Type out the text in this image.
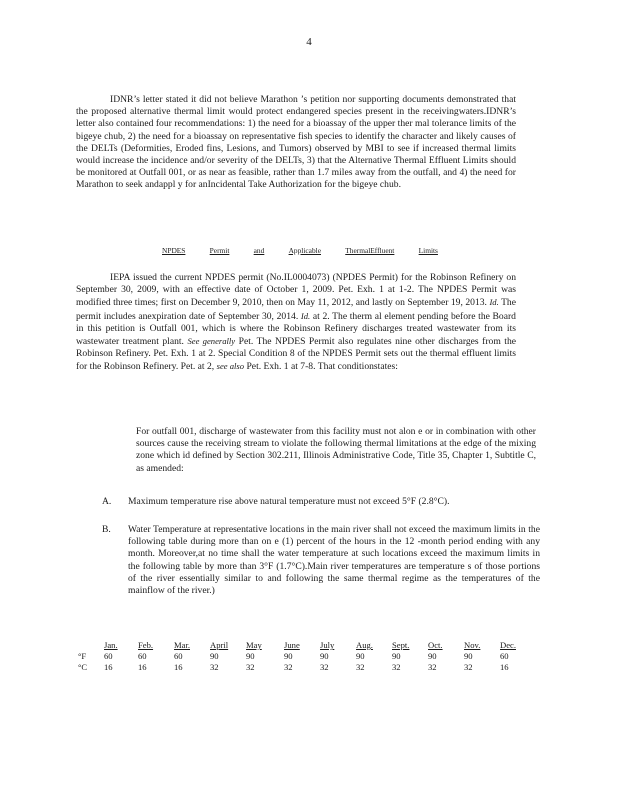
4

IDNR’s letter stated it did not believe Marathon ’s petition nor supporting documents demonstrated that the proposed alternative thermal limit would protect endangered species present in the receivingwaters.IDNR’s letter also contained four recommendations: 1) the need for a bioassay of the upper ther mal tolerance limits of the bigeye chub, 2) the need for a bioassay on representative fish species to identify the character and likely causes of the DELTs (Deformities, Eroded fins, Lesions, and Tumors) observed by MBI to see if increased thermal limits would increase the incidence and/or severity of the DELTs, 3) that the Alternative Thermal Effluent Limits should be monitored at Outfall 001, or as near as feasible, rather than 1.7 miles away from the outfall, and 4) the need for Marathon to seek andappl y for anIncidental Take Authorization for the bigeye chub.

NPDES	Permit	and	Applicable	ThermalEffluent	Limits

IEPA issued the current NPDES permit (No.IL0004073) (NPDES Permit) for the Robinson Refinery on September 30, 2009, with an effective date of October 1, 2009. Pet. Exh. 1 at 1-2. The NPDES Permit was modified three times; first on December 9, 2010, then on May 11, 2012, and lastly on September 19, 2013. Id. The permit includes anexpiration date of September 30, 2014. Id. at 2. The therm al element pending before the Board in this petition is Outfall 001, which is where the Robinson Refinery discharges treated wastewater from its wastewater treatment plant. See generally Pet. The NPDES Permit also regulates nine other discharges from the Robinson Refinery. Pet. Exh. 1 at 2. Special Condition 8 of the NPDES Permit sets out the thermal effluent limits for the Robinson Refinery. Pet. at 2, see also Pet. Exh. 1 at 7-8. That conditionstates:

For outfall 001, discharge of wastewater from this facility must not alon e or in combination with other sources cause the receiving stream to violate the following thermal limitations at the edge of the mixing zone which id defined by Section 302.211, Illinois Administrative Code, Title 35, Chapter 1, Subtitle C, as amended:

A. Maximum temperature rise above natural temperature must not exceed 5°F (2.8°C).
B. Water Temperature at representative locations in the main river shall not exceed the maximum limits in the following table during more than on e (1) percent of the hours in the 12 -month period ending with any month. Moreover,at no time shall the water temperature at such locations exceed the maximum limits in the following table by more than 3°F (1.7°C).Main river temperatures are temperature s of those portions of the river essentially similar to and following the same thermal regime as the temperatures of the mainflow of the river.)
Jan. Feb. Mar. April May	June July	Aug. Sept. Oct. Nov. Dec.
°F 60	60	60	90	90	90	90	90	90	90	90	60
°C 16	16	16	32	32	32	32	32	32	32	32	16
